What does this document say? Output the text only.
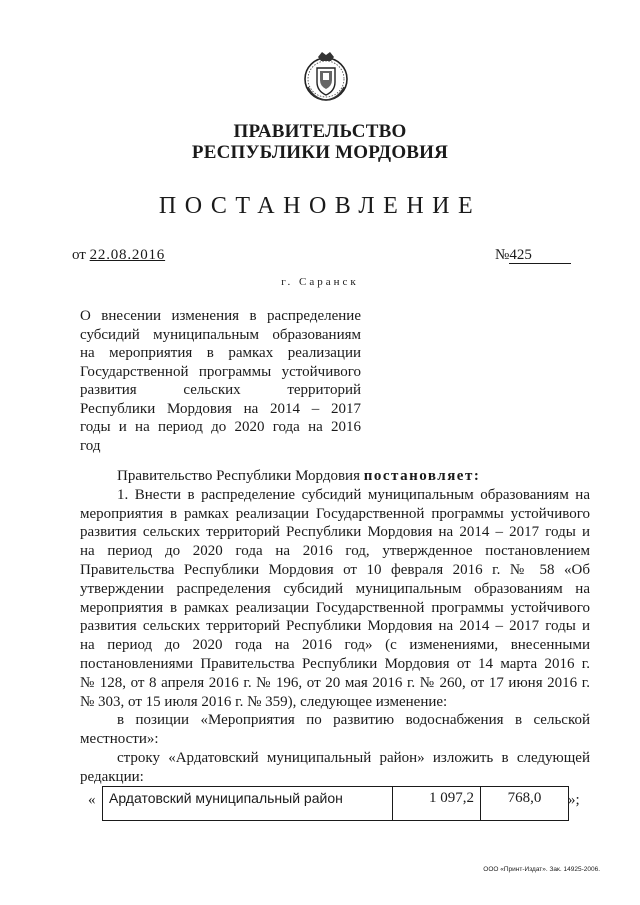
ПРАВИТЕЛЬСТВО
РЕСПУБЛИКИ МОРДОВИЯ
ПОСТАНОВЛЕНИЕ
от 22.08.2016	№425
г. Саранск
О внесении изменения в распределение
субсидий муниципальным образованиям
на мероприятия в рамках реализации
Государственной программы устойчивого
развития сельских территорий
Республики Мордовия на 2014 – 2017
годы и на период до 2020 года на 2016
год
Правительство Республики Мордовия постановляет:
1. Внести в распределение субсидий муниципальным образованиям на
мероприятия в рамках реализации Государственной программы устойчивого
развития сельских территорий Республики Мордовия на 2014 – 2017 годы и
на период до 2020 года на 2016 год, утвержденное постановлением
Правительства Республики Мордовия от 10 февраля 2016 г. № 58 «Об
утверждении распределения субсидий муниципальным образованиям на
мероприятия в рамках реализации Государственной программы устойчивого
развития сельских территорий Республики Мордовия на 2014 – 2017 годы и
на период до 2020 года на 2016 год» (с изменениями, внесенными
постановлениями Правительства Республики Мордовия от 14 марта 2016 г.
№ 128, от 8 апреля 2016 г. № 196, от 20 мая 2016 г. № 260, от 17 июня 2016 г.
№ 303, от 15 июля 2016 г. № 359), следующее изменение:
в позиции «Мероприятия по развитию водоснабжения в сельской
местности»:
строку «Ардатовский муниципальный район» изложить в следующей
редакции:
« Ардатовский муниципальный район	1 097,2	768,0 »;
ООО «Принт-Издат». Зак. 14925-2006.
